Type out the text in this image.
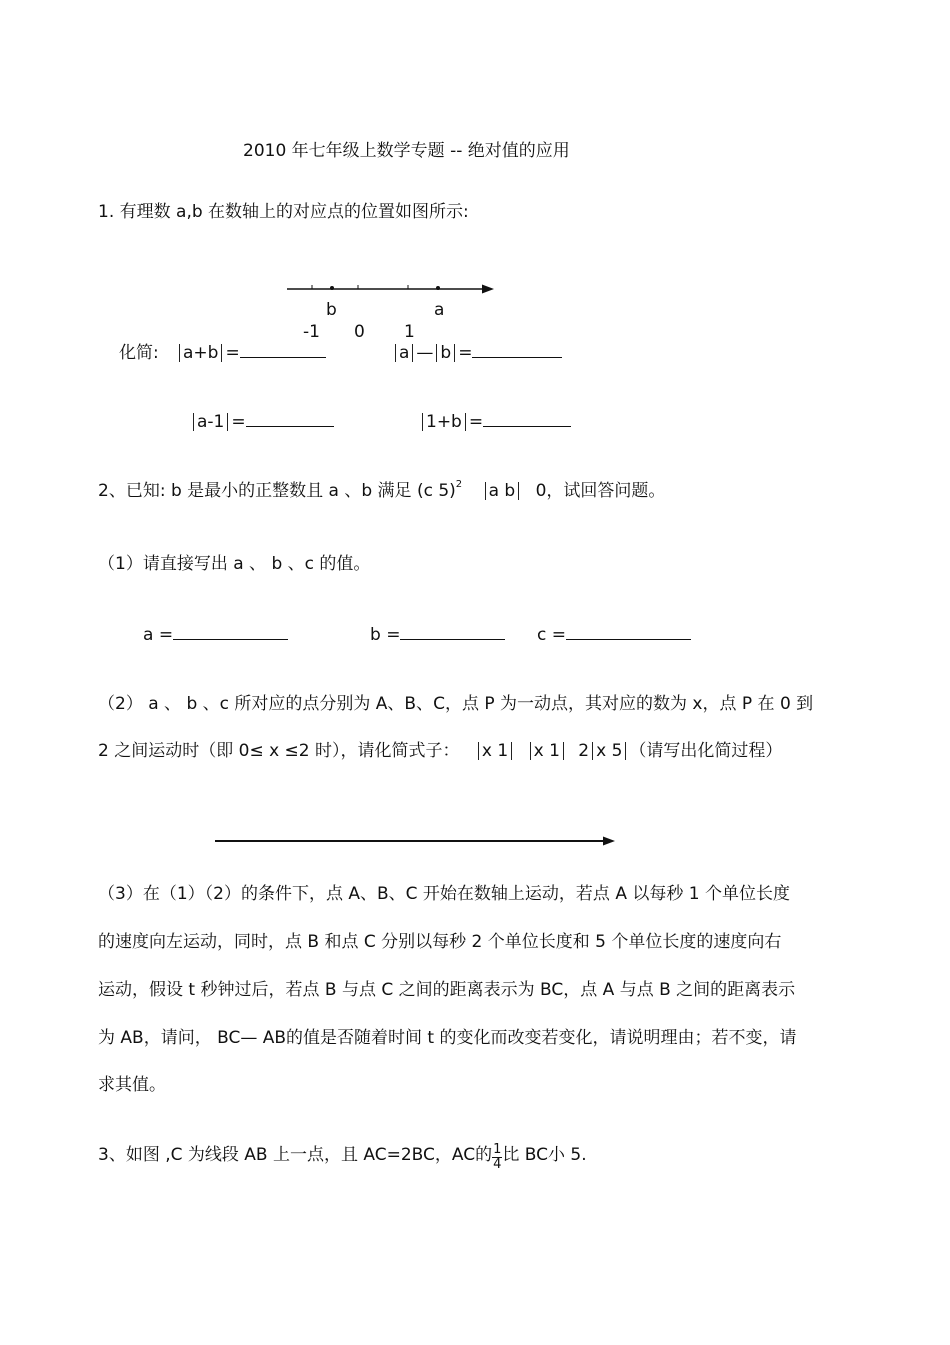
2010 年七年级上数学专题 -- 绝对值的应用
1. 有理数 a,b 在数轴上的对应点的位置如图所示:
b	a
-1 0 1
化简:	a+b =	a — b =
a-1 =	1+b =
2、已知: b 是最小的正整数且 a 、b 满足 (c 5)$^2$ a b 0，试回答问题。
（1）请直接写出 a 、 b 、c 的值。
a =	b =	c =
（2） a 、 b 、c 所对应的点分别为 A、B、C，点 P 为一动点，其对应的数为 x，点 P 在 0 到
2 之间运动时（即 0≤ x ≤2 时），请化简式子： x 1 x 1 2 x 5 （请写出化简过程）
（3）在（1）（2）的条件下，点 A、B、C 开始在数轴上运动，若点 A 以每秒 1 个单位长度
的速度向左运动，同时，点 B 和点 C 分别以每秒 2 个单位长度和 5 个单位长度的速度向右
运动，假设 t 秒钟过后，若点 B 与点 C 之间的距离表示为 BC，点 A 与点 B 之间的距离表示
为 AB，请问， BC— AB的值是否随着时间 t 的变化而改变若变化，请说明理由；若不变，请
求其值。
3、如图 ,C 为线段 AB 上一点，且 AC=2BC，AC的 $\frac{1}{4}$ 比 BC小 5.
